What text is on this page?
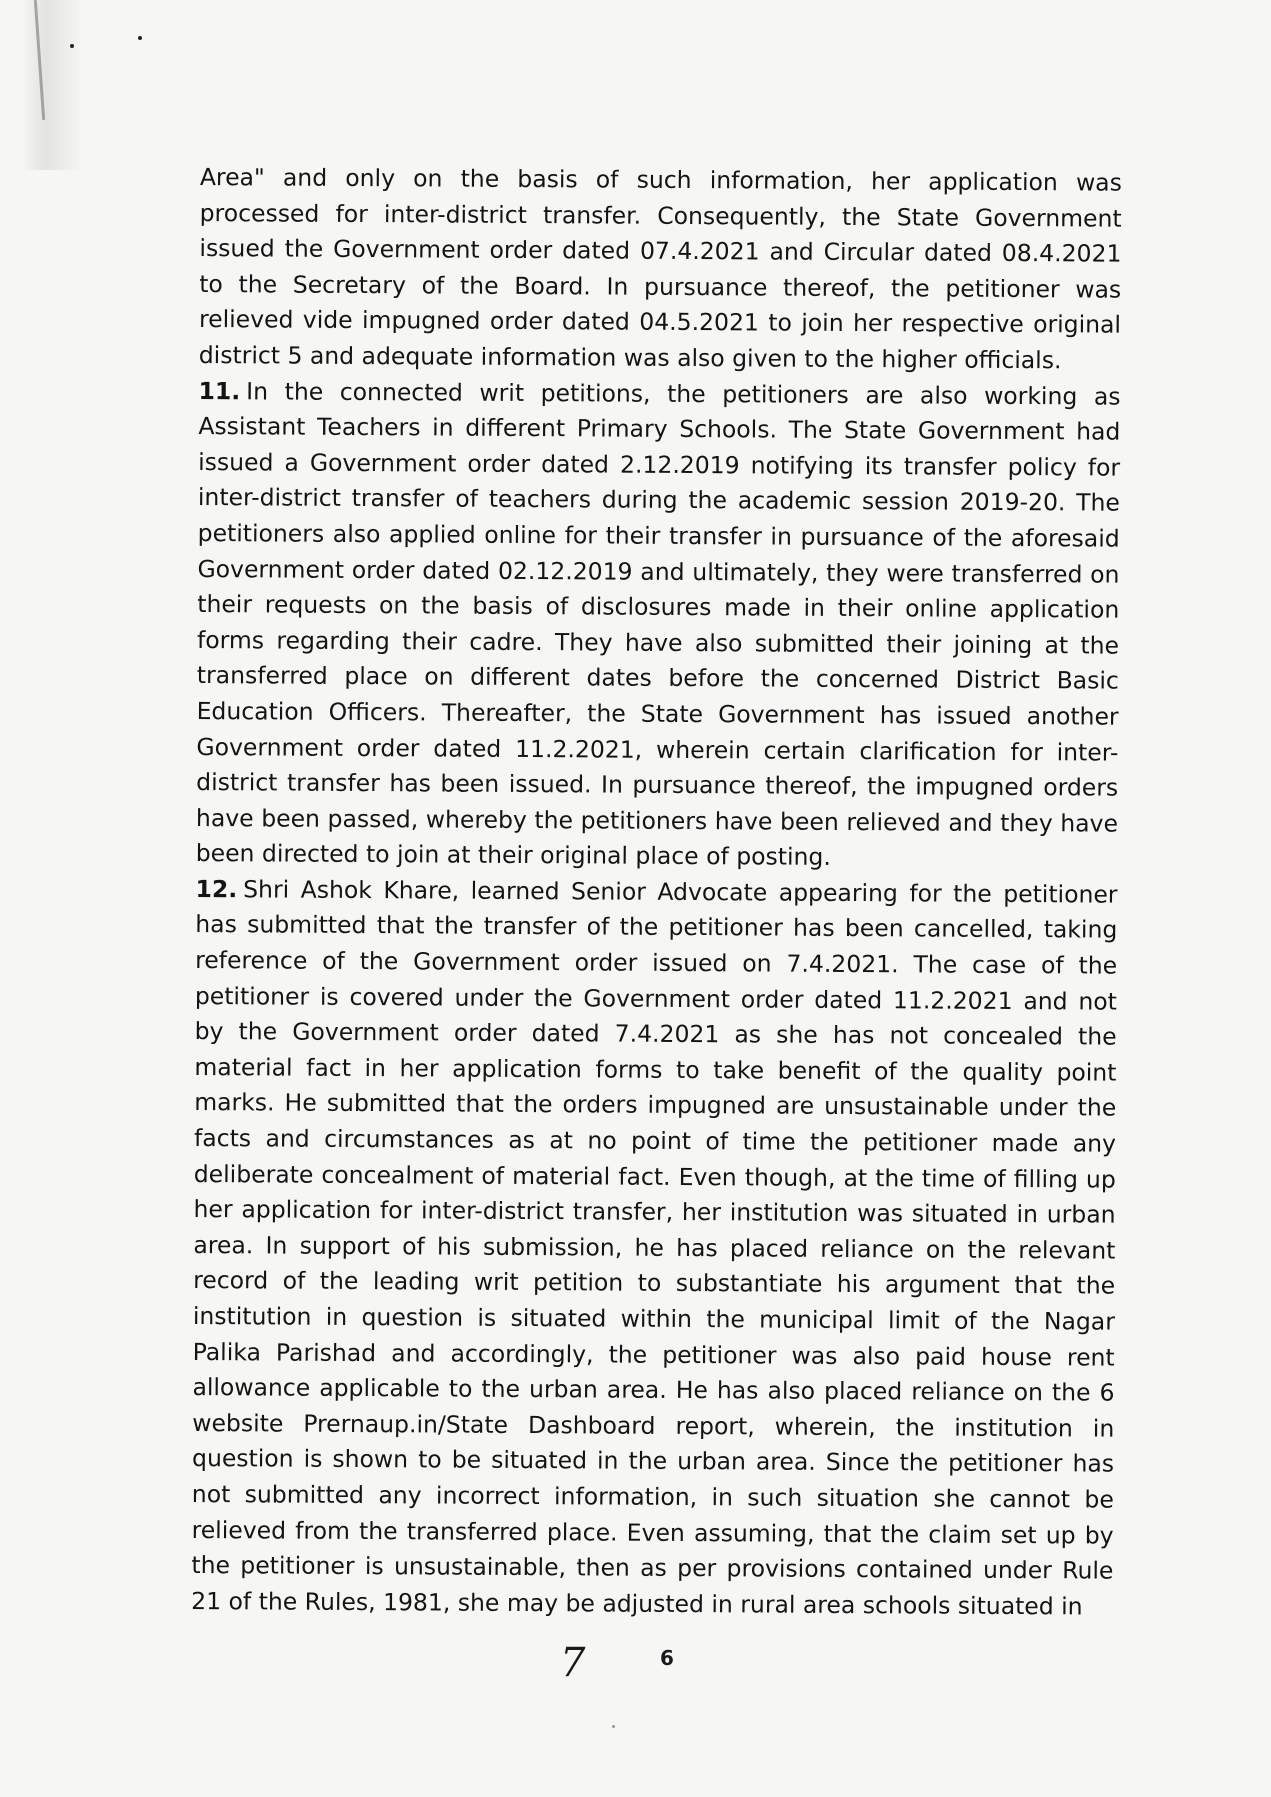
Area" and only on the basis of such information, her application was processed for inter-district transfer. Consequently, the State Government issued the Government order dated 07.4.2021 and Circular dated 08.4.2021 to the Secretary of the Board. In pursuance thereof, the petitioner was relieved vide impugned order dated 04.5.2021 to join her respective original district 5 and adequate information was also given to the higher officials.

11. In the connected writ petitions, the petitioners are also working as Assistant Teachers in different Primary Schools. The State Government had issued a Government order dated 2.12.2019 notifying its transfer policy for inter-district transfer of teachers during the academic session 2019-20. The petitioners also applied online for their transfer in pursuance of the aforesaid Government order dated 02.12.2019 and ultimately, they were transferred on their requests on the basis of disclosures made in their online application forms regarding their cadre. They have also submitted their joining at the transferred place on different dates before the concerned District Basic Education Officers. Thereafter, the State Government has issued another Government order dated 11.2.2021, wherein certain clarification for inter-district transfer has been issued. In pursuance thereof, the impugned orders have been passed, whereby the petitioners have been relieved and they have been directed to join at their original place of posting.

12. Shri Ashok Khare, learned Senior Advocate appearing for the petitioner has submitted that the transfer of the petitioner has been cancelled, taking reference of the Government order issued on 7.4.2021. The case of the petitioner is covered under the Government order dated 11.2.2021 and not by the Government order dated 7.4.2021 as she has not concealed the material fact in her application forms to take benefit of the quality point marks. He submitted that the orders impugned are unsustainable under the facts and circumstances as at no point of time the petitioner made any deliberate concealment of material fact. Even though, at the time of filling up her application for inter-district transfer, her institution was situated in urban area. In support of his submission, he has placed reliance on the relevant record of the leading writ petition to substantiate his argument that the institution in question is situated within the municipal limit of the Nagar Palika Parishad and accordingly, the petitioner was also paid house rent allowance applicable to the urban area. He has also placed reliance on the 6 website Prernaup.in/State Dashboard report, wherein, the institution in question is shown to be situated in the urban area. Since the petitioner has not submitted any incorrect information, in such situation she cannot be relieved from the transferred place. Even assuming, that the claim set up by the petitioner is unsustainable, then as per provisions contained under Rule 21 of the Rules, 1981, she may be adjusted in rural area schools situated in

7	6
